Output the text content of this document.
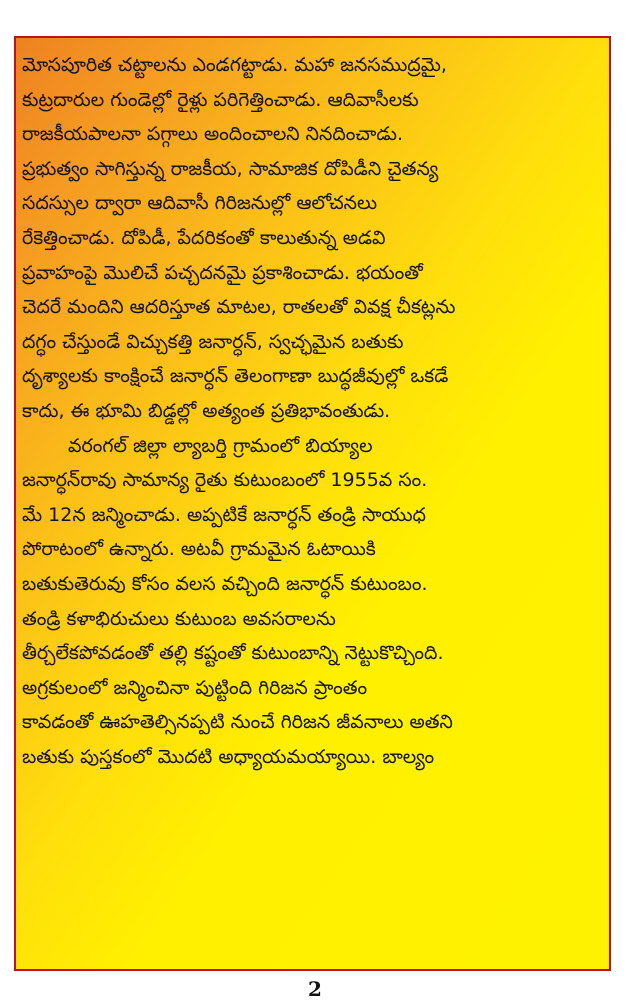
మోసపూరిత చట్టాలను ఎండగట్టాడు. మహా జనసముద్రమై,
కుట్రదారుల గుండెల్లో రైళ్లు పరిగెత్తించాడు. ఆదివాసీలకు
రాజకీయపాలనా పగ్గాలు అందించాలని నినదించాడు.
ప్రభుత్వం సాగిస్తున్న రాజకీయ, సామాజిక దోపిడీని చైతన్య
సదస్సుల ద్వారా ఆదివాసీ గిరిజనుల్లో ఆలోచనలు
రేకెత్తించాడు. దోపిడీ, పేదరికంతో కాలుతున్న అడవి
ప్రవాహంపై మొలిచే పచ్చదనమై ప్రకాశించాడు. భయంతో
చెదరే మందిని ఆదరిస్తూత మాటల, రాతలతో వివక్ష చీకట్లను
దగ్ధం చేస్తుండే విచ్చుకత్తి జనార్ధన్, స్వచ్ఛమైన బతుకు
దృశ్యాలకు కాంక్షించే జనార్ధన్ తెలంగాణా బుద్ధజీవుల్లో ఒకడే
కాదు, ఈ భూమి బిడ్డల్లో అత్యంత ప్రతిభావంతుడు.
వరంగల్ జిల్లా ల్యాబర్తి గ్రామంలో బియ్యాల
జనార్ధన్‌రావు సామాన్య రైతు కుటుంబంలో 1955వ సం.
మే 12న జన్మించాడు. అప్పటికే జనార్ధన్ తండ్రి సాయుధ
పోరాటంలో ఉన్నారు. అటవీ గ్రామమైన ఓటాయికి
బతుకుతెరువు కోసం వలస వచ్చింది జనార్ధన్ కుటుంబం.
తండ్రి కళాభిరుచులు కుటుంబ అవసరాలను
తీర్చలేకపోవడంతో తల్లి కష్టంతో కుటుంబాన్ని నెట్టుకొచ్చింది.
అగ్రకులంలో జన్మించినా పుట్టింది గిరిజన ప్రాంతం
కావడంతో ఊహతెల్సినప్పటి నుంచే గిరిజన జీవనాలు అతని
బతుకు పుస్తకంలో మొదటి అధ్యాయమయ్యాయి. బాల్యం
2
